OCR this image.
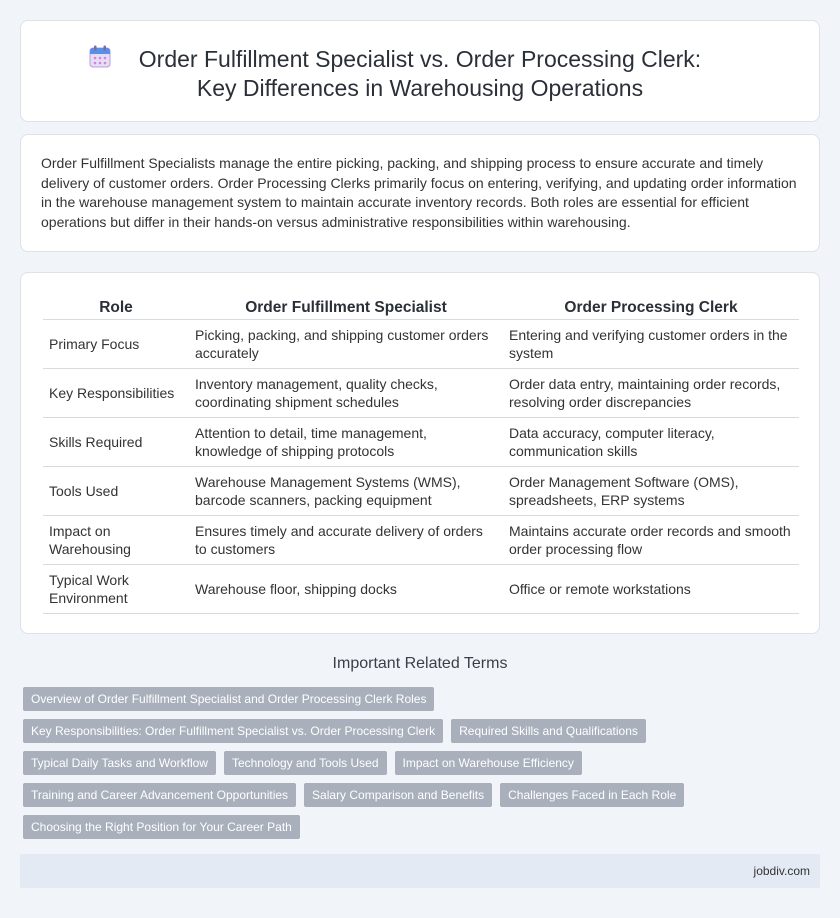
Order Fulfillment Specialist vs. Order Processing Clerk: Key Differences in Warehousing Operations

Order Fulfillment Specialists manage the entire picking, packing, and shipping process to ensure accurate and timely delivery of customer orders. Order Processing Clerks primarily focus on entering, verifying, and updating order information in the warehouse management system to maintain accurate inventory records. Both roles are essential for efficient operations but differ in their hands-on versus administrative responsibilities within warehousing.

Role	Order Fulfillment Specialist	Order Processing Clerk
Primary Focus	Picking, packing, and shipping customer orders accurately	Entering and verifying customer orders in the system
Key Responsibilities	Inventory management, quality checks, coordinating shipment schedules	Order data entry, maintaining order records, resolving order discrepancies
Skills Required	Attention to detail, time management, knowledge of shipping protocols	Data accuracy, computer literacy, communication skills
Tools Used	Warehouse Management Systems (WMS), barcode scanners, packing equipment	Order Management Software (OMS), spreadsheets, ERP systems
Impact on Warehousing	Ensures timely and accurate delivery of orders to customers	Maintains accurate order records and smooth order processing flow
Typical Work Environment	Warehouse floor, shipping docks	Office or remote workstations
Important Related Terms
Overview of Order Fulfillment Specialist and Order Processing Clerk Roles
Key Responsibilities: Order Fulfillment Specialist vs. Order Processing Clerk	Required Skills and Qualifications
Typical Daily Tasks and Workflow	Technology and Tools Used	Impact on Warehouse Efficiency
Training and Career Advancement Opportunities	Salary Comparison and Benefits	Challenges Faced in Each Role
Choosing the Right Position for Your Career Path
jobdiv.com
